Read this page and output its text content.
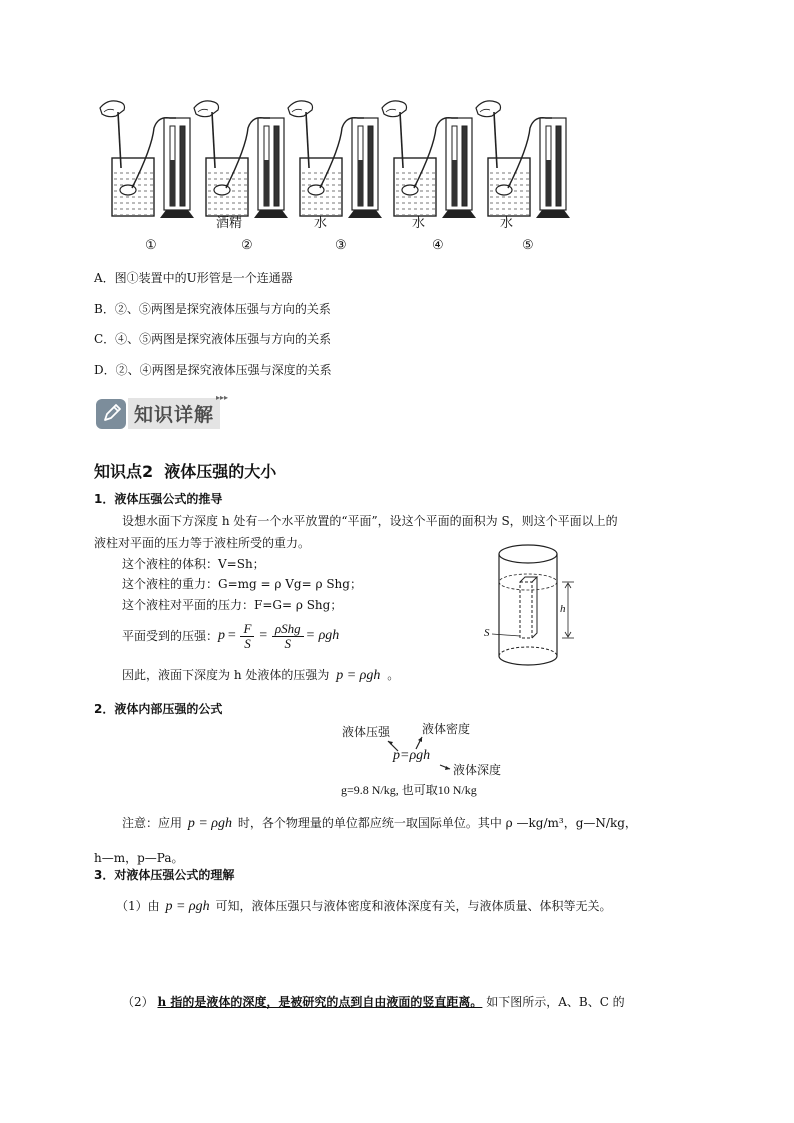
酒精	水	水	水
①	②	③	④	⑤
A．图①装置中的U形管是一个连通器
B．②、⑤两图是探究液体压强与方向的关系
C．④、⑤两图是探究液体压强与方向的关系
D．②、④两图是探究液体压强与深度的关系
知识详解
▸▸▸
知识点2  液体压强的大小
1．液体压强公式的推导
设想水面下方深度 h 处有一个水平放置的“平面”，设这个平面的面积为 S，则这个平面以上的
液柱对平面的压力等于液柱所受的重力。
这个液柱的体积：V=Sh；
这个液柱的重力：G=mg = ρ Vg= ρ Shg；
这个液柱对平面的压力：F=G= ρ Shg；
平面受到的压强： $p = \frac{F}{S} = \frac{\text{ρShg}}{S} = \rho gh$
因此，液面下深度为 h 处液体的压强为 p = ρgh 。
h
S
2．液体内部压强的公式
液体压强	液体密度
p=ρgh
液体深度
g=9.8 N/kg, 也可取10 N/kg
注意：应用 p = ρgh 时，各个物理量的单位都应统一取国际单位。其中 ρ —kg/m³，g—N/kg，
h—m，p—Pa。
3．对液体压强公式的理解
（1）由 p = ρgh 可知，液体压强只与液体密度和液体深度有关，与液体质量、体积等无关。
（2） h 指的是液体的深度，是被研究的点到自由液面的竖直距离。 如下图所示，A、B、C 的
